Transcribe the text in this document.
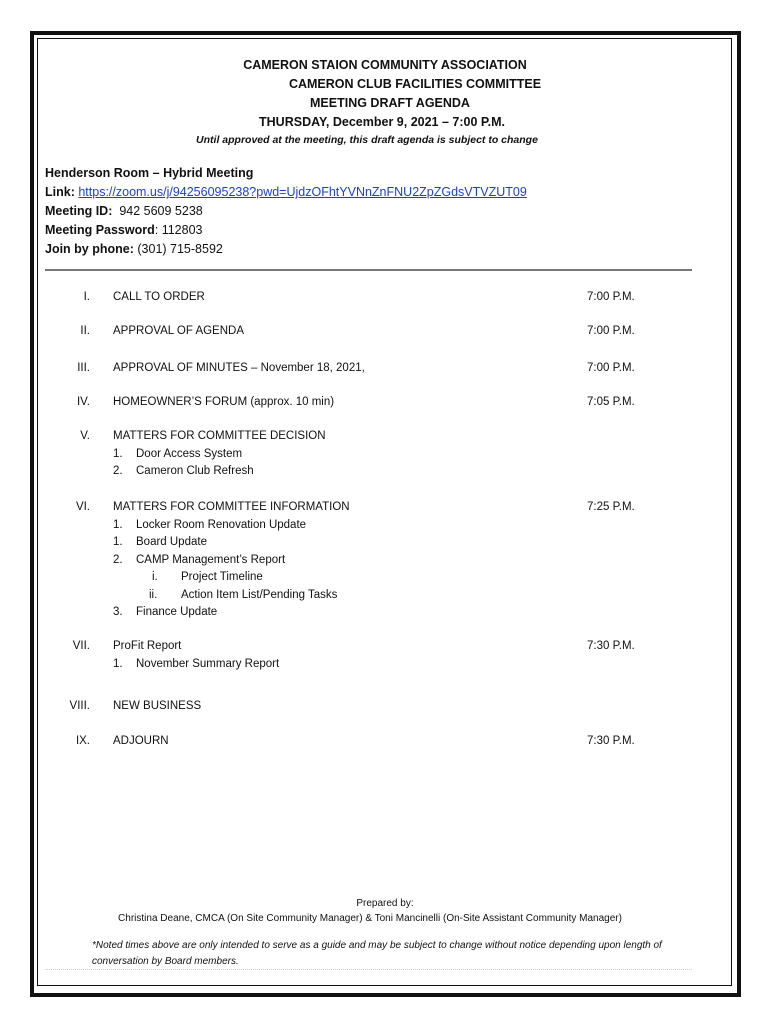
CAMERON STAION COMMUNITY ASSOCIATION
CAMERON CLUB FACILITIES COMMITTEE
MEETING DRAFT AGENDA
THURSDAY, December 9, 2021 – 7:00 P.M.
Until approved at the meeting, this draft agenda is subject to change
Henderson Room – Hybrid Meeting
Link: https://zoom.us/j/94256095238?pwd=UjdzOFhtYVNnZnFNU2ZpZGdsVTVZUT09
Meeting ID: 942 5609 5238
Meeting Password: 112803
Join by phone: (301) 715-8592
I. CALL TO ORDER	7:00 P.M.
II. APPROVAL OF AGENDA	7:00 P.M.
III. APPROVAL OF MINUTES – November 18, 2021,	7:00 P.M.
IV. HOMEOWNER’S FORUM (approx. 10 min)	7:05 P.M.
V. MATTERS FOR COMMITTEE DECISION
1. Door Access System
2. Cameron Club Refresh
VI. MATTERS FOR COMMITTEE INFORMATION	7:25 P.M.
1. Locker Room Renovation Update
1. Board Update
2. CAMP Management’s Report
i. Project Timeline
ii. Action Item List/Pending Tasks
3. Finance Update
VII. ProFit Report	7:30 P.M.
1. November Summary Report
VIII. NEW BUSINESS
IX. ADJOURN	7:30 P.M.
Prepared by:
Christina Deane, CMCA (On Site Community Manager) & Toni Mancinelli (On-Site Assistant Community Manager)
*Noted times above are only intended to serve as a guide and may be subject to change without notice depending upon length of
conversation by Board members.
